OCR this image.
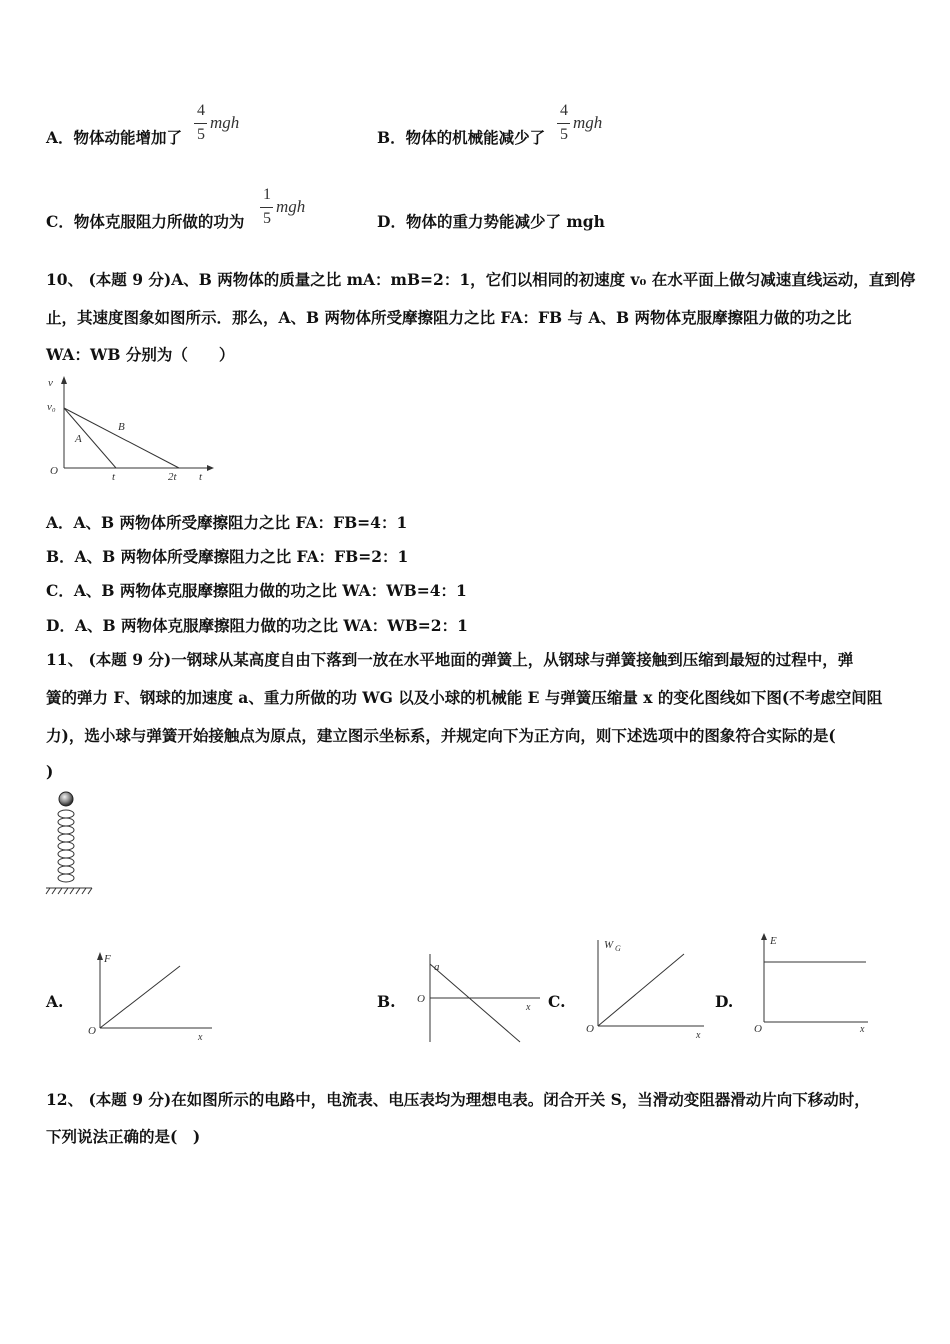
A．物体动能增加了
4
5
mgh
B．物体的机械能减少了
4
5
mgh
C．物体克服阻力所做的功为
1
5
mgh
D．物体的重力势能减少了 mgh
10、 (本题 9 分)A、B 两物体的质量之比 mA：mB=2：1，它们以相同的初速度 v₀ 在水平面上做匀减速直线运动，直到停
止，其速度图象如图所示．那么，A、B 两物体所受摩擦阻力之比 FA：FB 与 A、B 两物体克服摩擦阻力做的功之比
WA：WB 分别为（　　）
v
v₀
O
A
B
t	2t t
A．A、B 两物体所受摩擦阻力之比 FA：FB=4：1
B．A、B 两物体所受摩擦阻力之比 FA：FB=2：1
C．A、B 两物体克服摩擦阻力做的功之比 WA：WB=4：1
D．A、B 两物体克服摩擦阻力做的功之比 WA：WB=2：1
11、 (本题 9 分)一钢球从某高度自由下落到一放在水平地面的弹簧上，从钢球与弹簧接触到压缩到最短的过程中，弹
簧的弹力 F、钢球的加速度 a、重力所做的功 WG 以及小球的机械能 E 与弹簧压缩量 x 的变化图线如下图(不考虑空间阻
力)，选小球与弹簧开始接触点为原点，建立图示坐标系，并规定向下为正方向，则下述选项中的图象符合实际的是(
)
A.
F
O
x
B.
a
O
x C.
W G
O
x
D.
E
O	x
12、 (本题 9 分)在如图所示的电路中，电流表、电压表均为理想电表。闭合开关 S，当滑动变阻器滑动片向下移动时，
下列说法正确的是(　)
